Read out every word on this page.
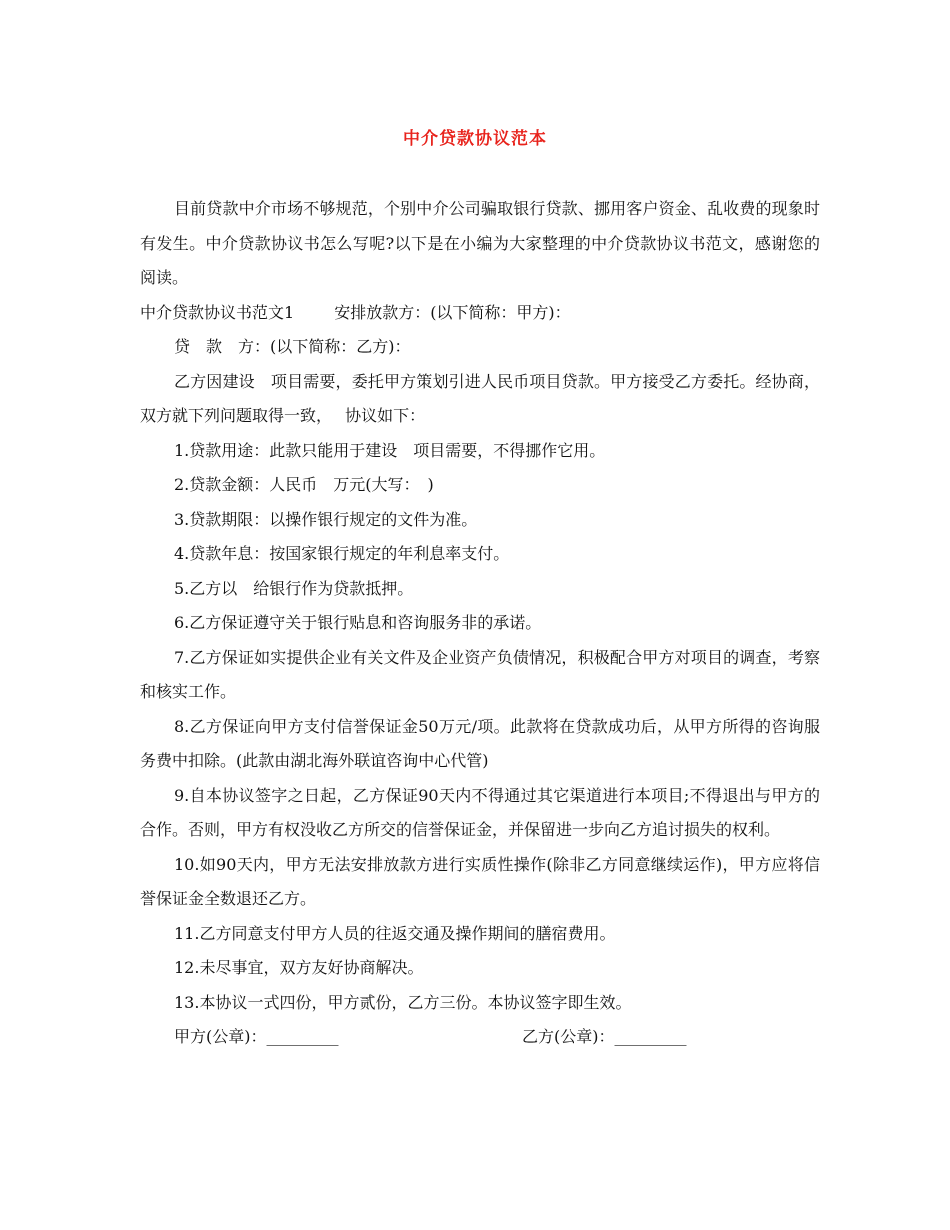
中介贷款协议范本

目前贷款中介市场不够规范，个别中介公司骗取银行贷款、挪用客户资金、乱收费的现象时有发生。中介贷款协议书怎么写呢?以下是在小编为大家整理的中介贷款协议书范文，感谢您的阅读。

中介贷款协议书范文1	安排放款方：(以下简称：甲方)：

贷　款　方：(以下简称：乙方)：

乙方因建设　项目需要，委托甲方策划引进人民币项目贷款。甲方接受乙方委托。经协商，双方就下列问题取得一致，　 协议如下：

1.贷款用途：此款只能用于建设　项目需要，不得挪作它用。

2.贷款金额：人民币　万元(大写：　)

3.贷款期限：以操作银行规定的文件为准。

4.贷款年息：按国家银行规定的年利息率支付。

5.乙方以　给银行作为贷款抵押。

6.乙方保证遵守关于银行贴息和咨询服务非的承诺。

7.乙方保证如实提供企业有关文件及企业资产负债情况，积极配合甲方对项目的调查，考察和核实工作。

8.乙方保证向甲方支付信誉保证金50万元/项。此款将在贷款成功后，从甲方所得的咨询服务费中扣除。(此款由湖北海外联谊咨询中心代管)

9.自本协议签字之日起，乙方保证90天内不得通过其它渠道进行本项目;不得退出与甲方的合作。否则，甲方有权没收乙方所交的信誉保证金，并保留进一步向乙方追讨损失的权利。

10.如90天内，甲方无法安排放款方进行实质性操作(除非乙方同意继续运作)，甲方应将信誉保证金全数退还乙方。

11.乙方同意支付甲方人员的往返交通及操作期间的膳宿费用。

12.未尽事宜，双方友好协商解决。

13.本协议一式四份，甲方贰份，乙方三份。本协议签字即生效。

甲方(公章)：_________	乙方(公章)：_________
